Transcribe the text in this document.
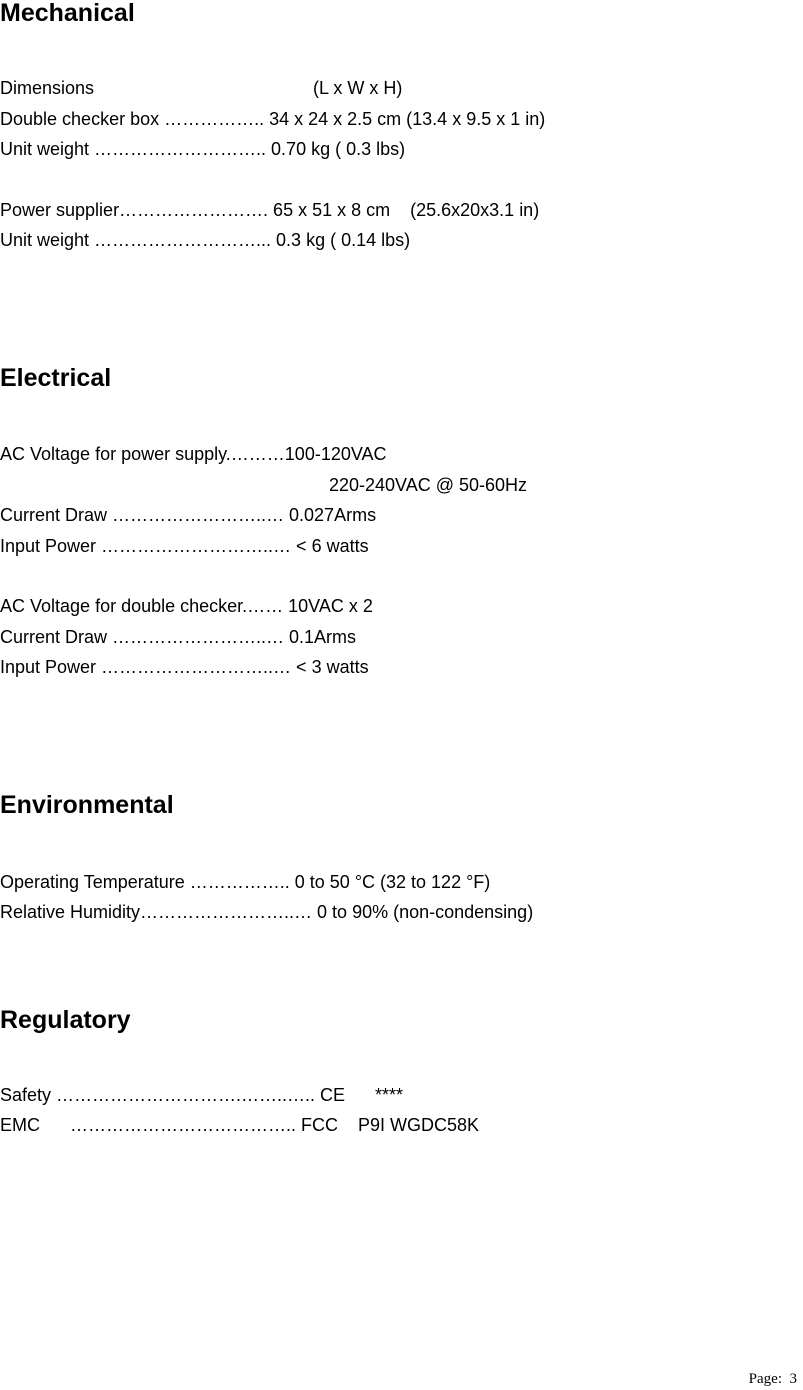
Mechanical

Dimensions	(L x W x H)

Double checker box …………….. 34 x 24 x 2.5 cm (13.4 x 9.5 x 1 in)

Unit weight ……………………….. 0.70 kg ( 0.3 lbs)

Power supplier……………………. 65 x 51 x 8 cm    (25.6x20x3.1 in)

Unit weight ………………………... 0.3 kg ( 0.14 lbs)

Electrical

AC Voltage for power supply.………100-120VAC

220-240VAC @ 50-60Hz

Current Draw ……………………..… 0.027Arms

Input Power ………………………..… < 6 watts

AC Voltage for double checker.…… 10VAC x 2

Current Draw ……………………..… 0.1Arms

Input Power ………………………..… < 3 watts

Environmental

Operating Temperature …………….. 0 to 50 °C (32 to 122 °F)

Relative Humidity……………………..… 0 to 90% (non-condensing)

Regulatory

Safety ………………………….……..….. CE      ****

EMC      ……………………………….. FCC    P9I WGDC58K

Page:  3
